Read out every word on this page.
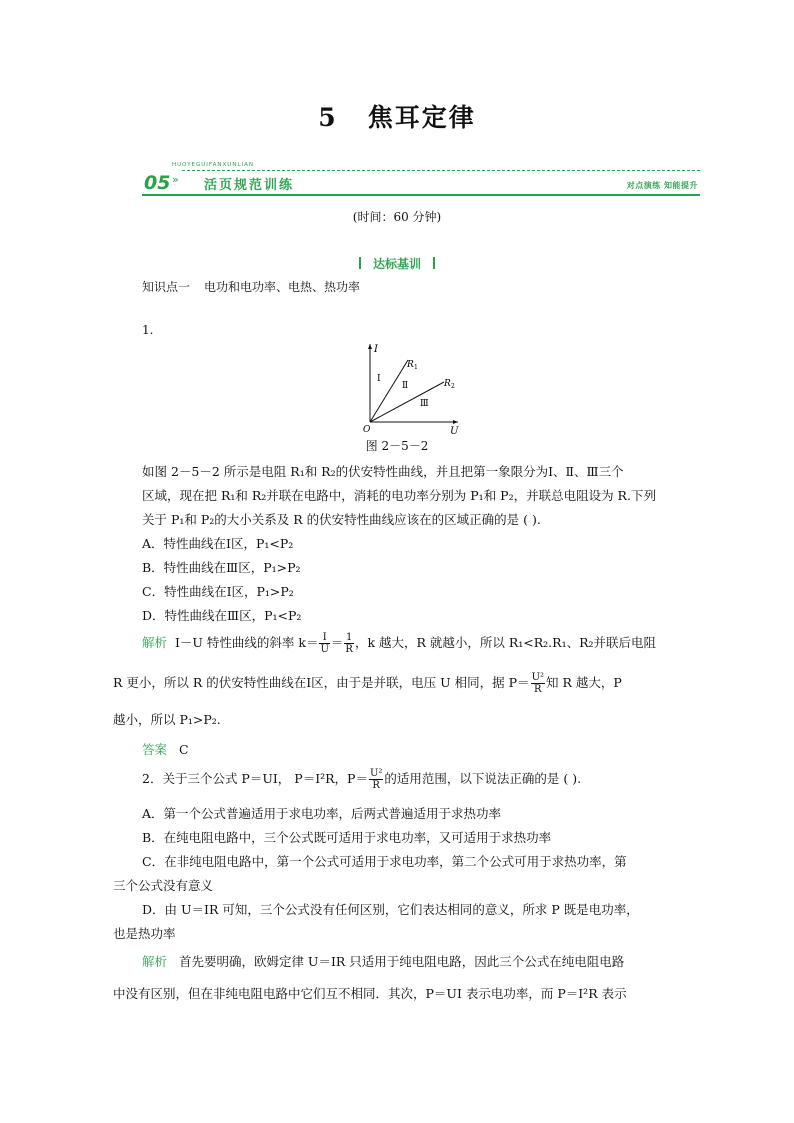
5 焦耳定律
HUOYEGUIFANXUNLIAN
05 » 活页规范训练	对点演练 知能提升
(时间：60 分钟)
达标基训
知识点一 电功和电功率、电热、热功率
1.
I
U
O
R 1
R 2
Ⅰ
Ⅱ
Ⅲ
图 2－5－2
如图 2－5－2 所示是电阻 R₁和 R₂的伏安特性曲线，并且把第一象限分为Ⅰ、Ⅱ、Ⅲ三个
区域，现在把 R₁和 R₂并联在电路中，消耗的电功率分别为 P₁和 P₂，并联总电阻设为 R.下列
关于 P₁和 P₂的大小关系及 R 的伏安特性曲线应该在的区域正确的是 ( ).
A．特性曲线在Ⅰ区，P₁<P₂
B．特性曲线在Ⅲ区，P₁>P₂
C．特性曲线在Ⅰ区，P₁>P₂
D．特性曲线在Ⅲ区，P₁<P₂
解析 I－U 特性曲线的斜率 $k= \frac{I}{U} = \frac{1}{R}$ ，k 越大，R 就越小，所以 R₁<R₂.R₁、R₂并联后电阻
R 更小，所以 R 的伏安特性曲线在Ⅰ区，由于是并联，电压 U 相同，据 $P= \frac{\text{U²}}{R}$ 知 R 越大，P
越小，所以 P₁>P₂.
答案 C
2．关于三个公式 P＝UI， P＝I²R，$P= \frac{\text{U²}}{R}$ 的适用范围，以下说法正确的是 ( ).
A．第一个公式普遍适用于求电功率，后两式普遍适用于求热功率
B．在纯电阻电路中，三个公式既可适用于求电功率，又可适用于求热功率
C．在非纯电阻电路中，第一个公式可适用于求电功率，第二个公式可用于求热功率，第
三个公式没有意义
D．由 U＝IR 可知，三个公式没有任何区别，它们表达相同的意义，所求 P 既是电功率，
也是热功率
解析 首先要明确，欧姆定律 U＝IR 只适用于纯电阻电路，因此三个公式在纯电阻电路
中没有区别，但在非纯电阻电路中它们互不相同．其次，P＝UI 表示电功率，而 P＝I²R 表示
